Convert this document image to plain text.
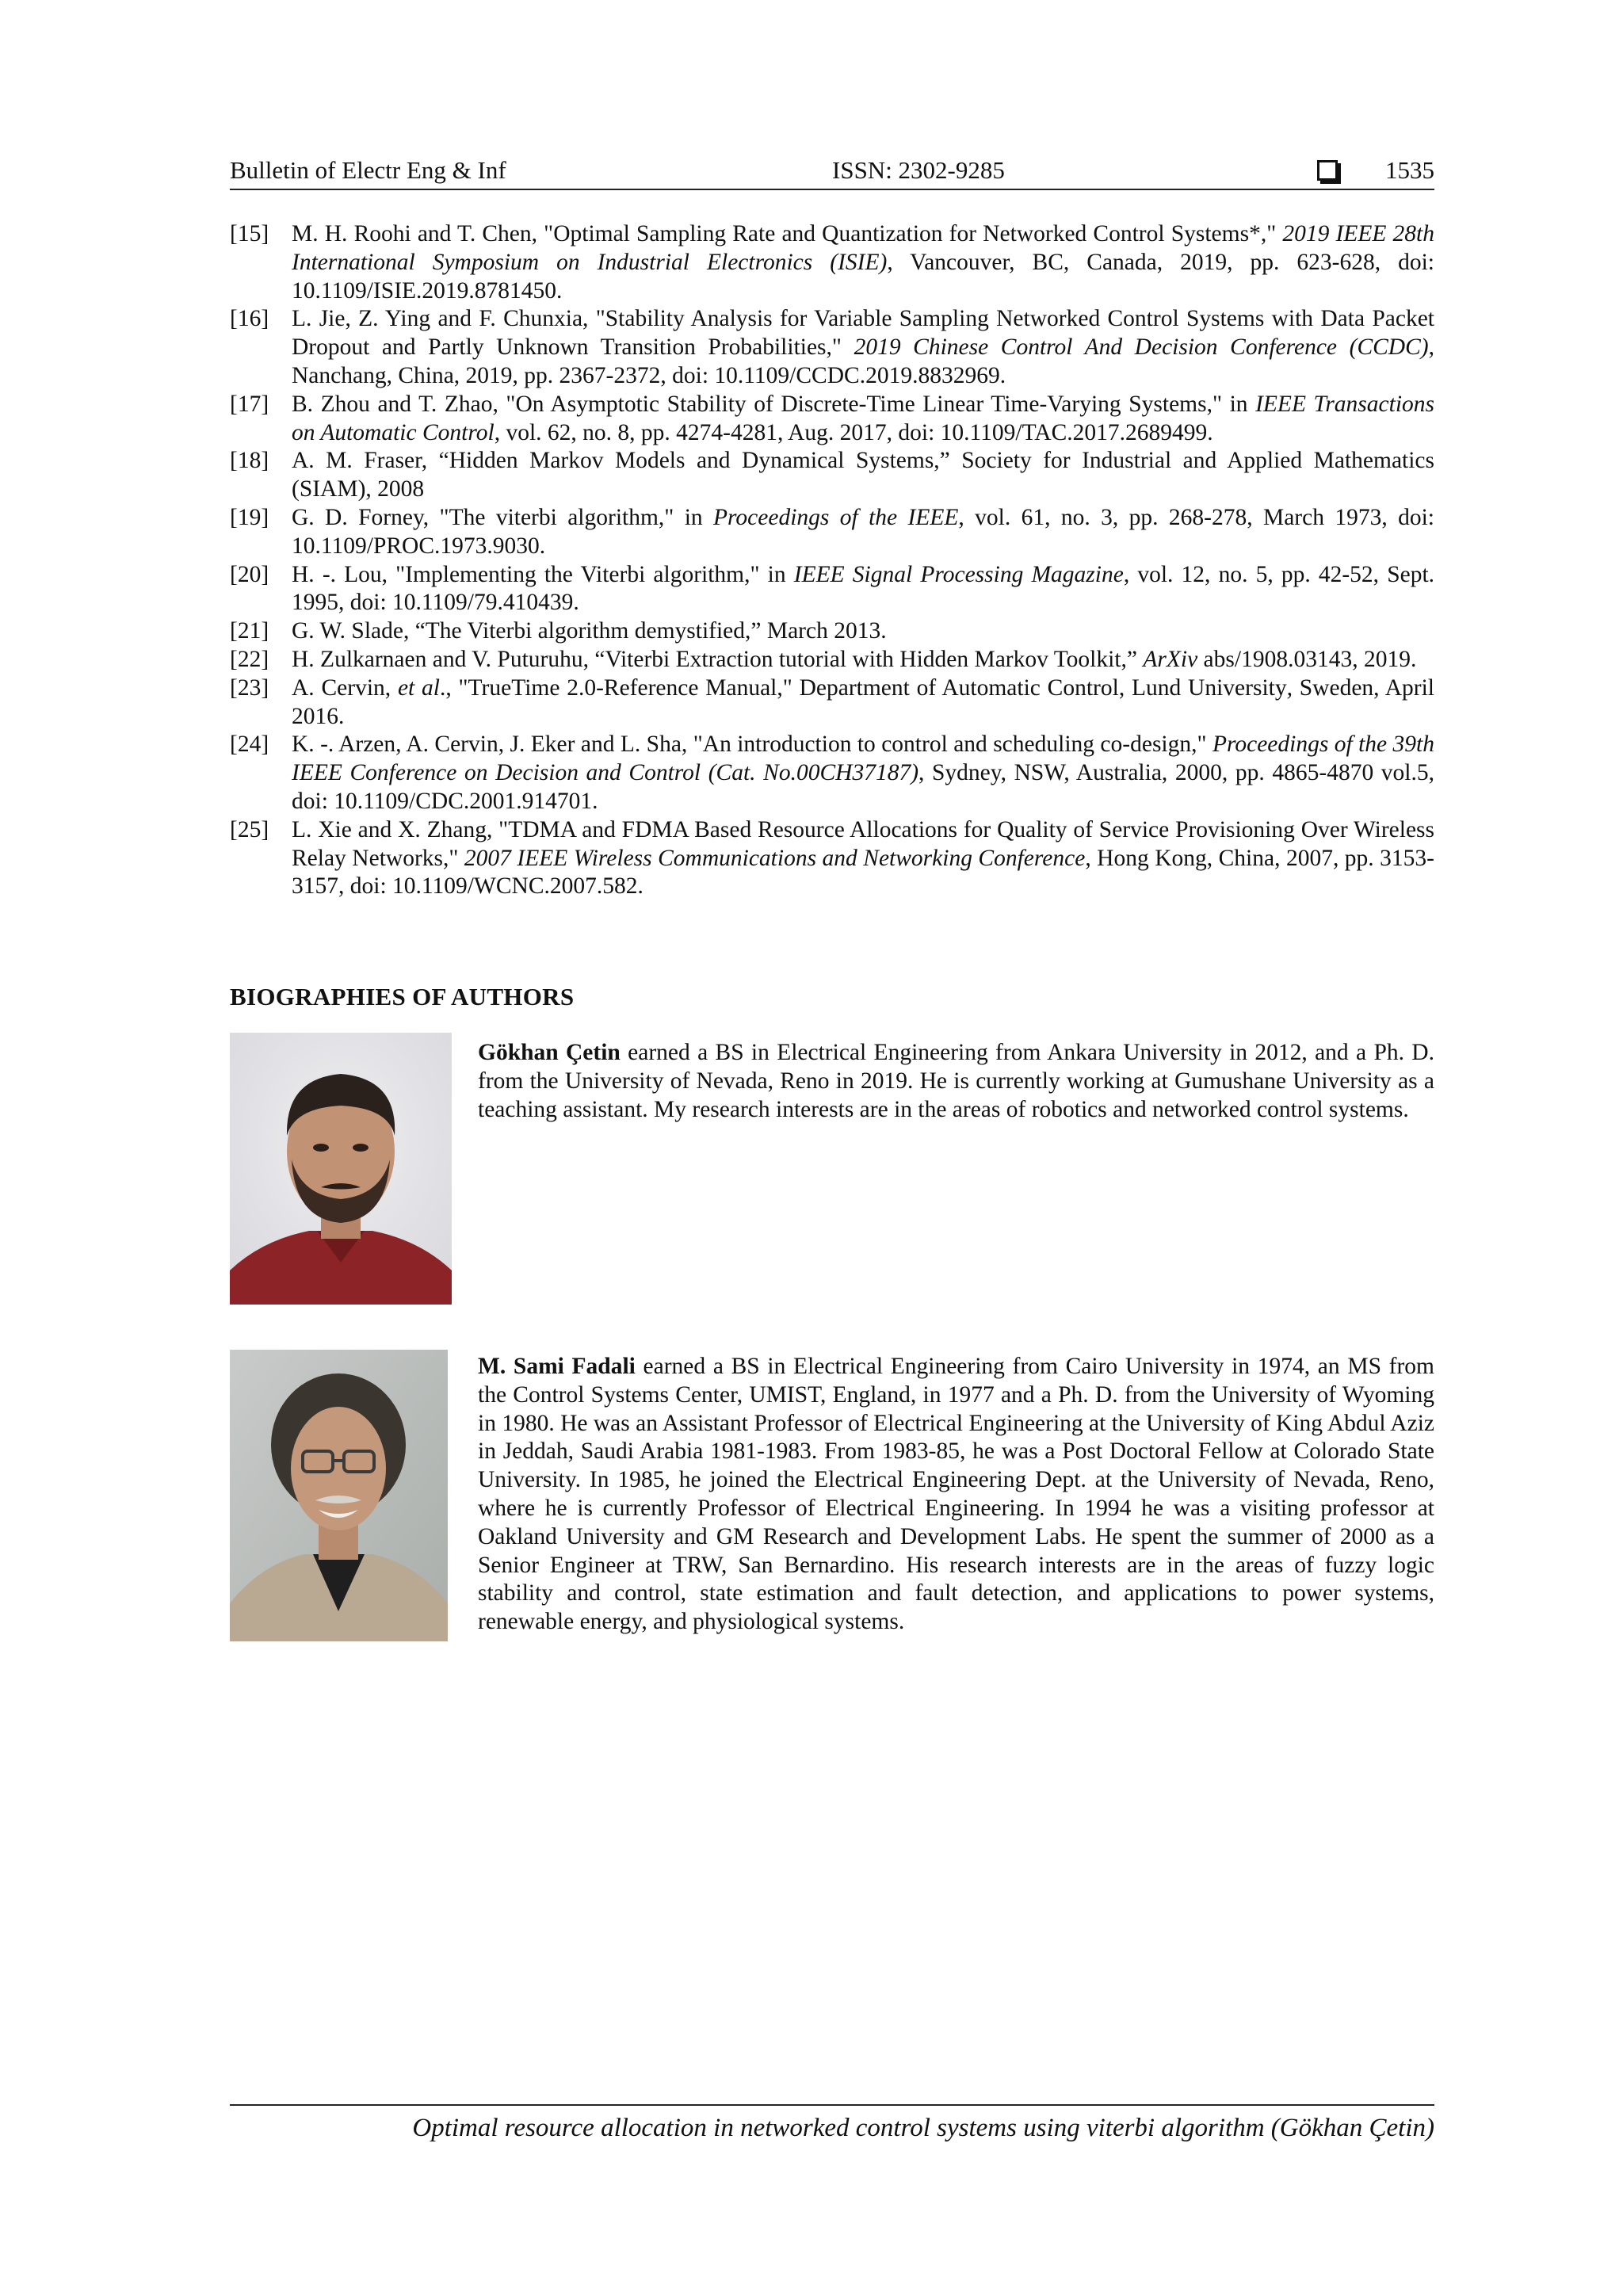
Bulletin of Electr Eng & Inf	ISSN: 2302-9285	1535
[15] M. H. Roohi and T. Chen, "Optimal Sampling Rate and Quantization for Networked Control Systems*," 2019 IEEE 28th International Symposium on Industrial Electronics (ISIE), Vancouver, BC, Canada, 2019, pp. 623-628, doi: 10.1109/ISIE.2019.8781450.
[16] L. Jie, Z. Ying and F. Chunxia, "Stability Analysis for Variable Sampling Networked Control Systems with Data Packet Dropout and Partly Unknown Transition Probabilities," 2019 Chinese Control And Decision Conference (CCDC), Nanchang, China, 2019, pp. 2367-2372, doi: 10.1109/CCDC.2019.8832969.
[17] B. Zhou and T. Zhao, "On Asymptotic Stability of Discrete-Time Linear Time-Varying Systems," in IEEE Transactions on Automatic Control, vol. 62, no. 8, pp. 4274-4281, Aug. 2017, doi: 10.1109/TAC.2017.2689499.
[18] A. M. Fraser, “Hidden Markov Models and Dynamical Systems,” Society for Industrial and Applied Mathematics (SIAM), 2008
[19] G. D. Forney, "The viterbi algorithm," in Proceedings of the IEEE, vol. 61, no. 3, pp. 268-278, March 1973, doi: 10.1109/PROC.1973.9030.
[20] H. -. Lou, "Implementing the Viterbi algorithm," in IEEE Signal Processing Magazine, vol. 12, no. 5, pp. 42-52, Sept. 1995, doi: 10.1109/79.410439.
[21] G. W. Slade, “The Viterbi algorithm demystified,” March 2013.
[22] H. Zulkarnaen and V. Puturuhu, “Viterbi Extraction tutorial with Hidden Markov Toolkit,” ArXiv abs/1908.03143, 2019.
[23] A. Cervin, et al., "TrueTime 2.0-Reference Manual," Department of Automatic Control, Lund University, Sweden, April 2016.
[24] K. -. Arzen, A. Cervin, J. Eker and L. Sha, "An introduction to control and scheduling co-design," Proceedings of the 39th IEEE Conference on Decision and Control (Cat. No.00CH37187), Sydney, NSW, Australia, 2000, pp. 4865-4870 vol.5, doi: 10.1109/CDC.2001.914701.
[25] L. Xie and X. Zhang, "TDMA and FDMA Based Resource Allocations for Quality of Service Provisioning Over Wireless Relay Networks," 2007 IEEE Wireless Communications and Networking Conference, Hong Kong, China, 2007, pp. 3153-3157, doi: 10.1109/WCNC.2007.582.
BIOGRAPHIES OF AUTHORS
Gökhan Çetin earned a BS in Electrical Engineering from Ankara University in 2012, and a Ph. D. from the University of Nevada, Reno in 2019. He is currently working at Gumushane University as a teaching assistant. My research interests are in the areas of robotics and networked control systems.
M. Sami Fadali earned a BS in Electrical Engineering from Cairo University in 1974, an MS from the Control Systems Center, UMIST, England, in 1977 and a Ph. D. from the University of Wyoming in 1980. He was an Assistant Professor of Electrical Engineering at the University of King Abdul Aziz in Jeddah, Saudi Arabia 1981-1983. From 1983-85, he was a Post Doctoral Fellow at Colorado State University. In 1985, he joined the Electrical Engineering Dept. at the University of Nevada, Reno, where he is currently Professor of Electrical Engineering. In 1994 he was a visiting professor at Oakland University and GM Research and Development Labs. He spent the summer of 2000 as a Senior Engineer at TRW, San Bernardino. His research interests are in the areas of fuzzy logic stability and control, state estimation and fault detection, and applications to power systems, renewable energy, and physiological systems.
Optimal resource allocation in networked control systems using viterbi algorithm (Gökhan Çetin)
